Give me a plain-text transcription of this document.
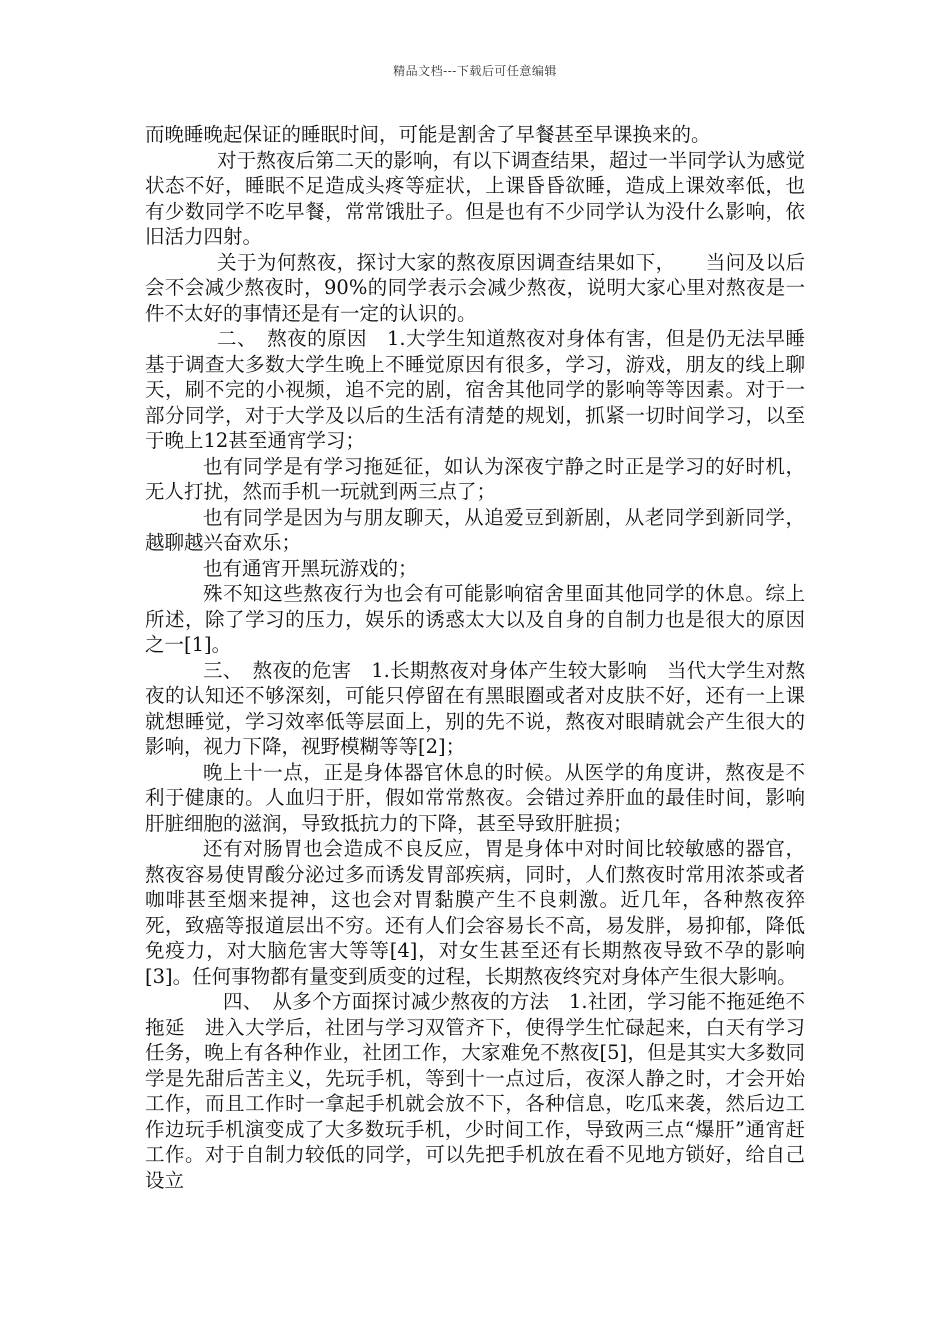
精品文档---下载后可任意编辑

而晚睡晚起保证的睡眠时间，可能是割舍了早餐甚至早课换来的。

对于熬夜后第二天的影响，有以下调查结果，超过一半同学认为感觉状态不好，睡眠不足造成头疼等症状，上课昏昏欲睡，造成上课效率低，也有少数同学不吃早餐，常常饿肚子。但是也有不少同学认为没什么影响，依旧活力四射。

关于为何熬夜，探讨大家的熬夜原因调查结果如下，　　当问及以后会不会减少熬夜时，90%的同学表示会减少熬夜，说明大家心里对熬夜是一件不太好的事情还是有一定的认识的。

二、　熬夜的原因　1.大学生知道熬夜对身体有害，但是仍无法早睡　基于调查大多数大学生晚上不睡觉原因有很多，学习，游戏，朋友的线上聊天，刷不完的小视频，追不完的剧，宿舍其他同学的影响等等因素。对于一部分同学，对于大学及以后的生活有清楚的规划，抓紧一切时间学习，以至于晚上12甚至通宵学习；

也有同学是有学习拖延征，如认为深夜宁静之时正是学习的好时机，无人打扰，然而手机一玩就到两三点了；

也有同学是因为与朋友聊天，从追爱豆到新剧，从老同学到新同学，越聊越兴奋欢乐；

也有通宵开黑玩游戏的；

殊不知这些熬夜行为也会有可能影响宿舍里面其他同学的休息。综上所述，除了学习的压力，娱乐的诱惑太大以及自身的自制力也是很大的原因之一[1]。

三、　熬夜的危害　1.长期熬夜对身体产生较大影响　当代大学生对熬夜的认知还不够深刻，可能只停留在有黑眼圈或者对皮肤不好，还有一上课就想睡觉，学习效率低等层面上，别的先不说，熬夜对眼睛就会产生很大的影响，视力下降，视野模糊等等[2]；

晚上十一点，正是身体器官休息的时候。从医学的角度讲，熬夜是不利于健康的。人血归于肝，假如常常熬夜。会错过养肝血的最佳时间，影响肝脏细胞的滋润，导致抵抗力的下降，甚至导致肝脏损；

还有对肠胃也会造成不良反应，胃是身体中对时间比较敏感的器官，熬夜容易使胃酸分泌过多而诱发胃部疾病，同时，人们熬夜时常用浓茶或者咖啡甚至烟来提神，这也会对胃黏膜产生不良刺激。近几年，各种熬夜猝死，致癌等报道层出不穷。还有人们会容易长不高，易发胖，易抑郁，降低免疫力，对大脑危害大等等[4]，对女生甚至还有长期熬夜导致不孕的影响[3]。任何事物都有量变到质变的过程，长期熬夜终究对身体产生很大影响。

四、　从多个方面探讨减少熬夜的方法　1.社团，学习能不拖延绝不拖延　进入大学后，社团与学习双管齐下，使得学生忙碌起来，白天有学习任务，晚上有各种作业，社团工作，大家难免不熬夜[5]，但是其实大多数同学是先甜后苦主义，先玩手机，等到十一点过后，夜深人静之时，才会开始工作，而且工作时一拿起手机就会放不下，各种信息，吃瓜来袭，然后边工作边玩手机演变成了大多数玩手机，少时间工作，导致两三点“爆肝”通宵赶工作。对于自制力较低的同学，可以先把手机放在看不见地方锁好，给自己设立
